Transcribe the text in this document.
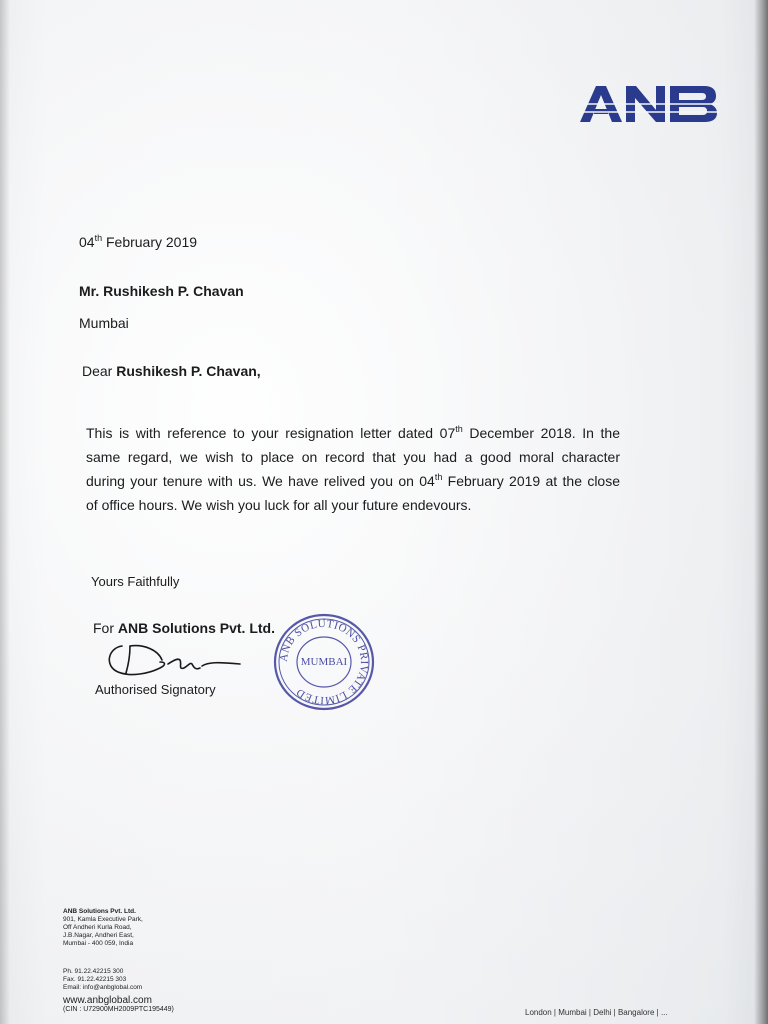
04th February 2019
Mr. Rushikesh P. Chavan
Mumbai
Dear Rushikesh P. Chavan,
This is with reference to your resignation letter dated 07th December 2018. In the
same regard, we wish to place on record that you had a good moral character
during your tenure with us. We have relived you on 04th February 2019 at the close
of office hours. We wish you luck for all your future endevours.
Yours Faithfully
For ANB Solutions Pvt. Ltd.
Authorised Signatory
ANB SOLUTIONS PRIVATE LIMITED
MUMBAI
ANB Solutions Pvt. Ltd.
901, Kamla Executive Park,
Off Andheri Kurla Road,
J.B.Nagar, Andheri East,
Mumbai - 400 059, India
Ph. 91.22.42215 300
Fax. 91.22.42215 303
Email: info@anbglobal.com
www.anbglobal.com
(CIN : U72900MH2009PTC195449)	London | Mumbai | Delhi | Bangalore | ...
